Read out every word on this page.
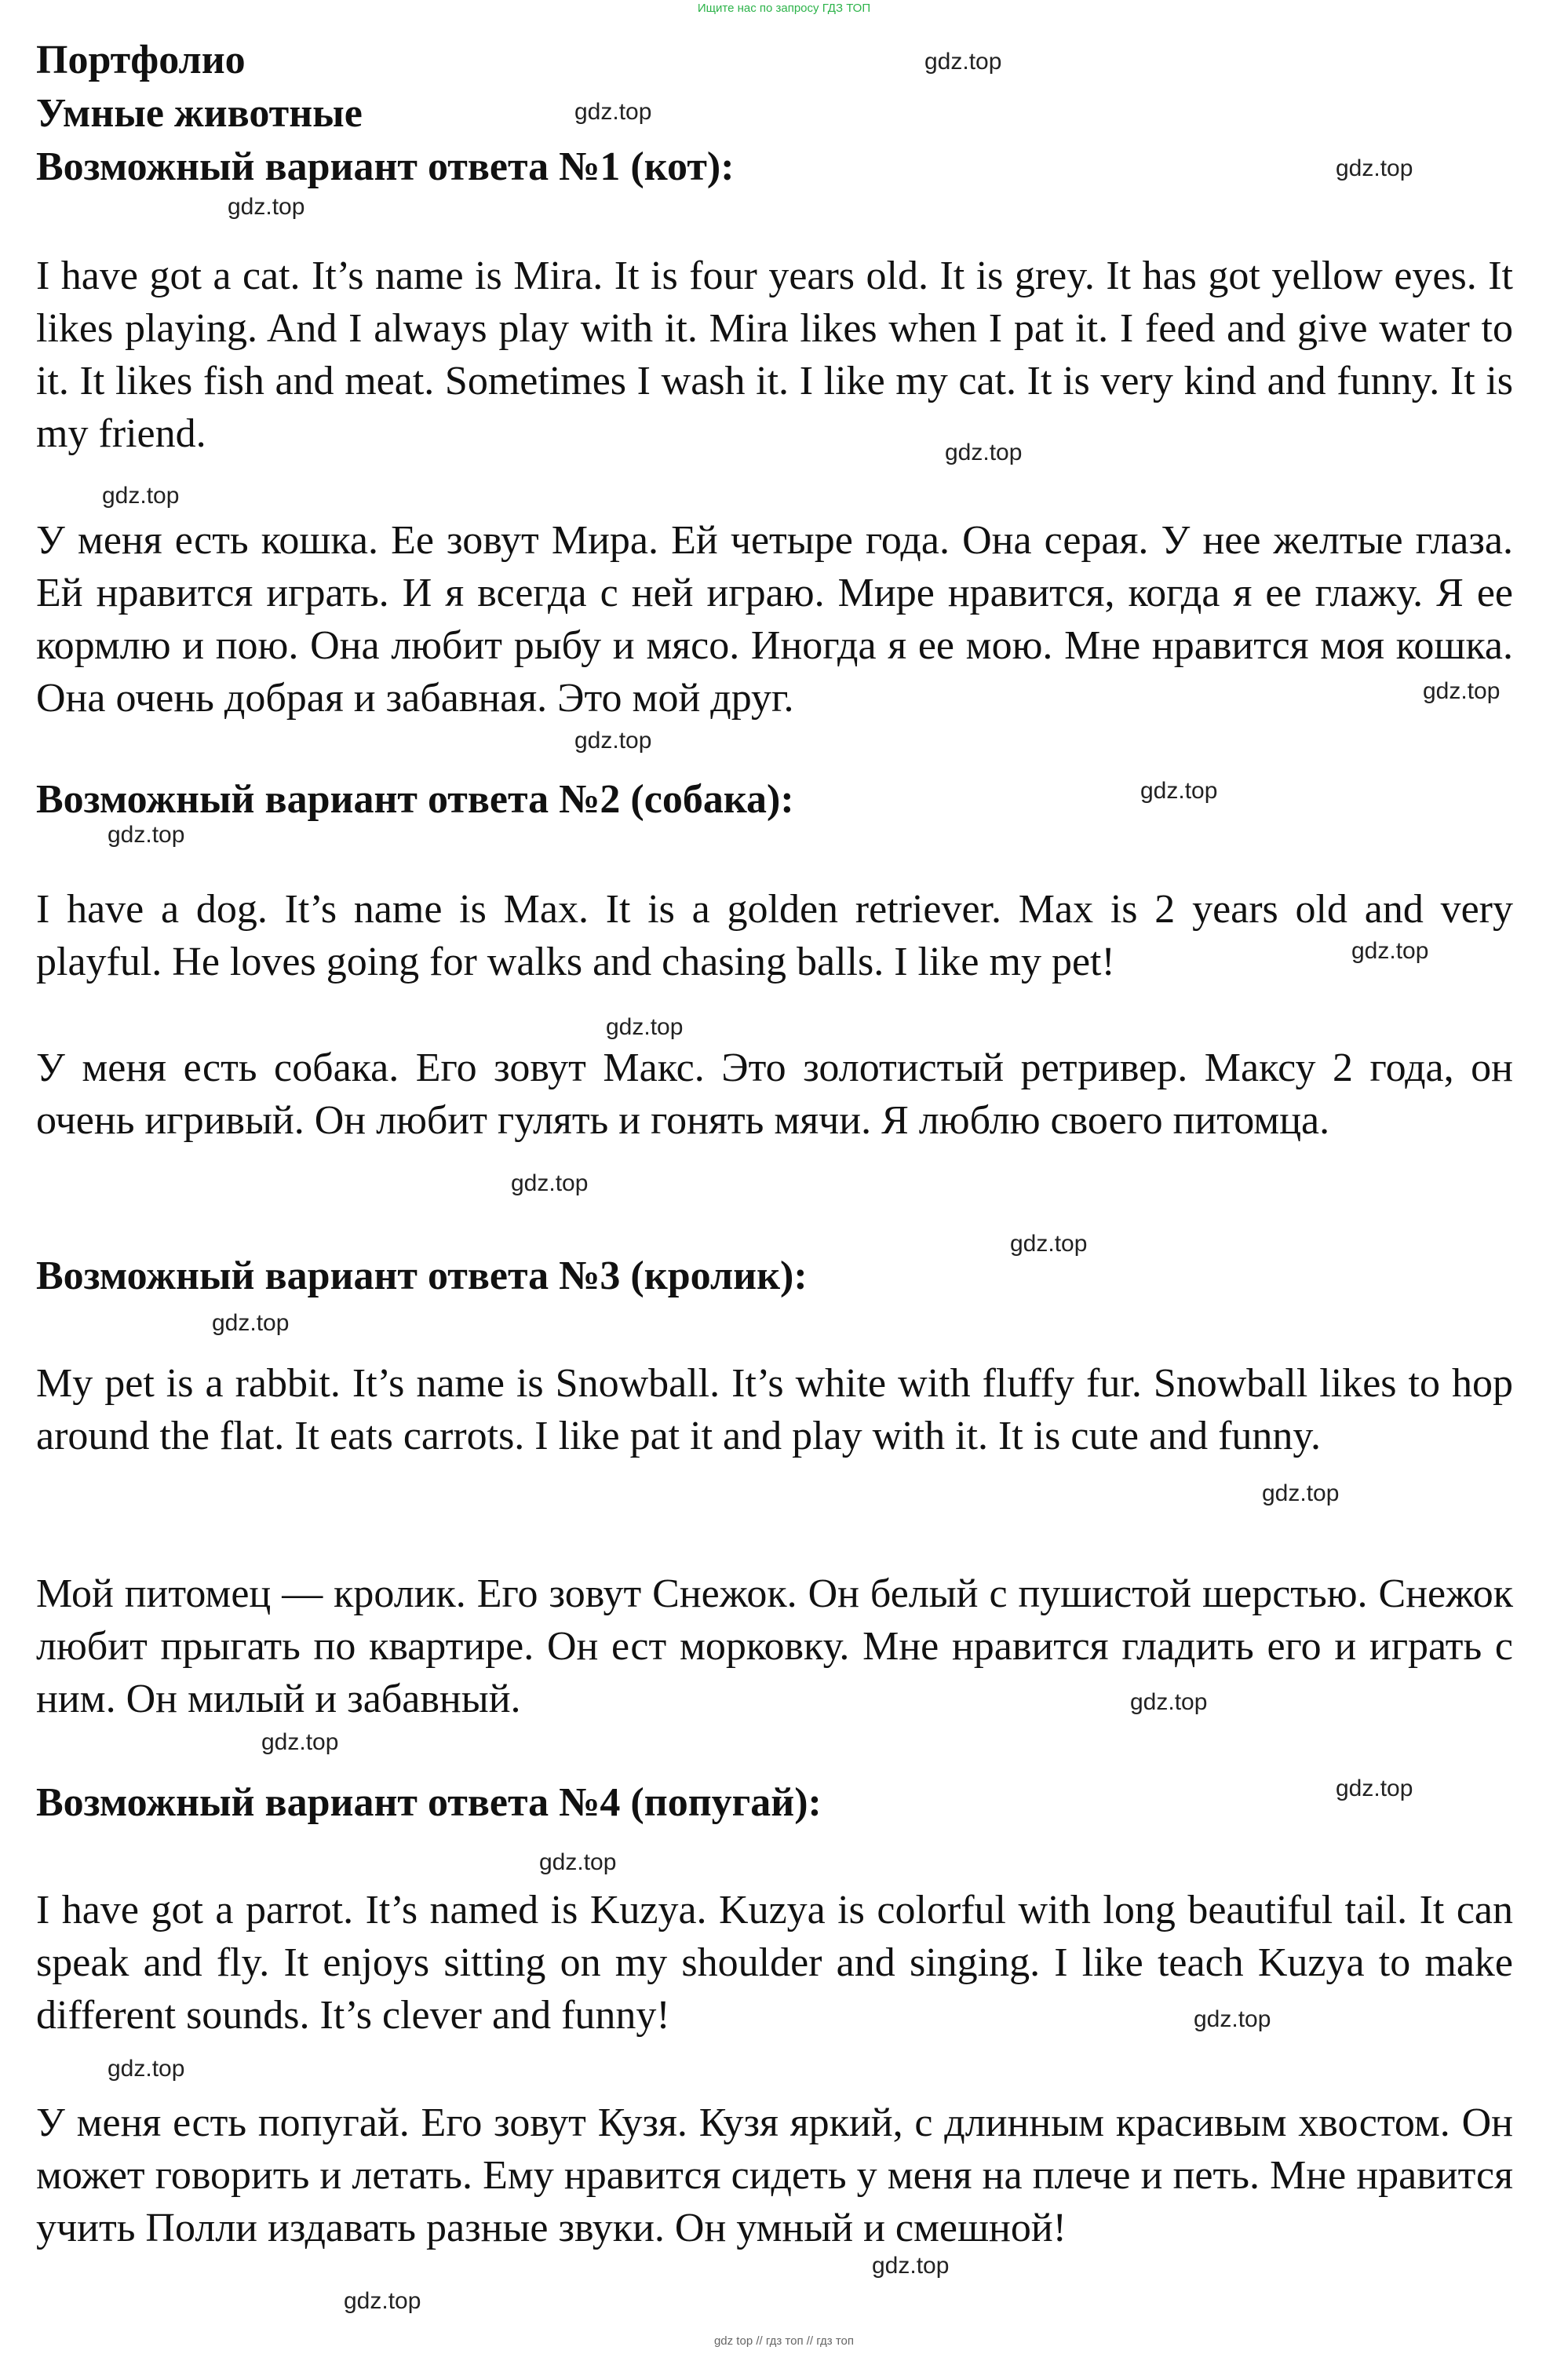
Ищите нас по запросу ГДЗ ТОП
Портфолио
Умные животные
Возможный вариант ответа №1 (кот):

I have got a cat. It’s name is Mira. It is four years old. It is grey. It has got yellow eyes. It likes playing. And I always play with it. Mira likes when I pat it. I feed and give water to it. It likes fish and meat. Sometimes I wash it. I like my cat. It is very kind and funny. It is my friend.

У меня есть кошка. Ее зовут Мира. Ей четыре года. Она серая. У нее желтые глаза. Ей нравится играть. И я всегда с ней играю. Мире нравится, когда я ее глажу. Я ее кормлю и пою. Она любит рыбу и мясо. Иногда я ее мою. Мне нравится моя кошка. Она очень добрая и забавная. Это мой друг.

Возможный вариант ответа №2 (собака):

I have a dog. It’s name is Max. It is a golden retriever. Max is 2 years old and very playful. He loves going for walks and chasing balls. I like my pet!

У меня есть собака. Его зовут Макс. Это золотистый ретривер. Максу 2 года, он очень игривый. Он любит гулять и гонять мячи. Я люблю своего питомца.

Возможный вариант ответа №3 (кролик):

My pet is a rabbit. It’s name is Snowball. It’s white with fluffy fur. Snowball likes to hop around the flat. It eats carrots. I like pat it and play with it. It is cute and funny.

Мой питомец — кролик. Его зовут Снежок. Он белый с пушистой шерстью. Снежок любит прыгать по квартире. Он ест морковку. Мне нравится гладить его и играть с ним. Он милый и забавный.

Возможный вариант ответа №4 (попугай):

I have got a parrot. It’s named is Kuzya. Kuzya is colorful with long beautiful tail. It can speak and fly. It enjoys sitting on my shoulder and singing. I like teach Kuzya to make different sounds. It’s clever and funny!

У меня есть попугай. Его зовут Кузя. Кузя яркий, с длинным красивым хвостом. Он может говорить и летать. Ему нравится сидеть у меня на плече и петь. Мне нравится учить Полли издавать разные звуки. Он умный и смешной!

gdz.top
gdz.top
gdz.top
gdz.top
gdz.top
gdz.top
gdz.top
gdz.top
gdz.top
gdz.top
gdz.top
gdz.top
gdz.top
gdz.top
gdz.top
gdz.top
gdz.top
gdz.top
gdz.top
gdz.top
gdz.top
gdz.top
gdz.top
gdz.top
gdz top // гдз топ // гдз топ
